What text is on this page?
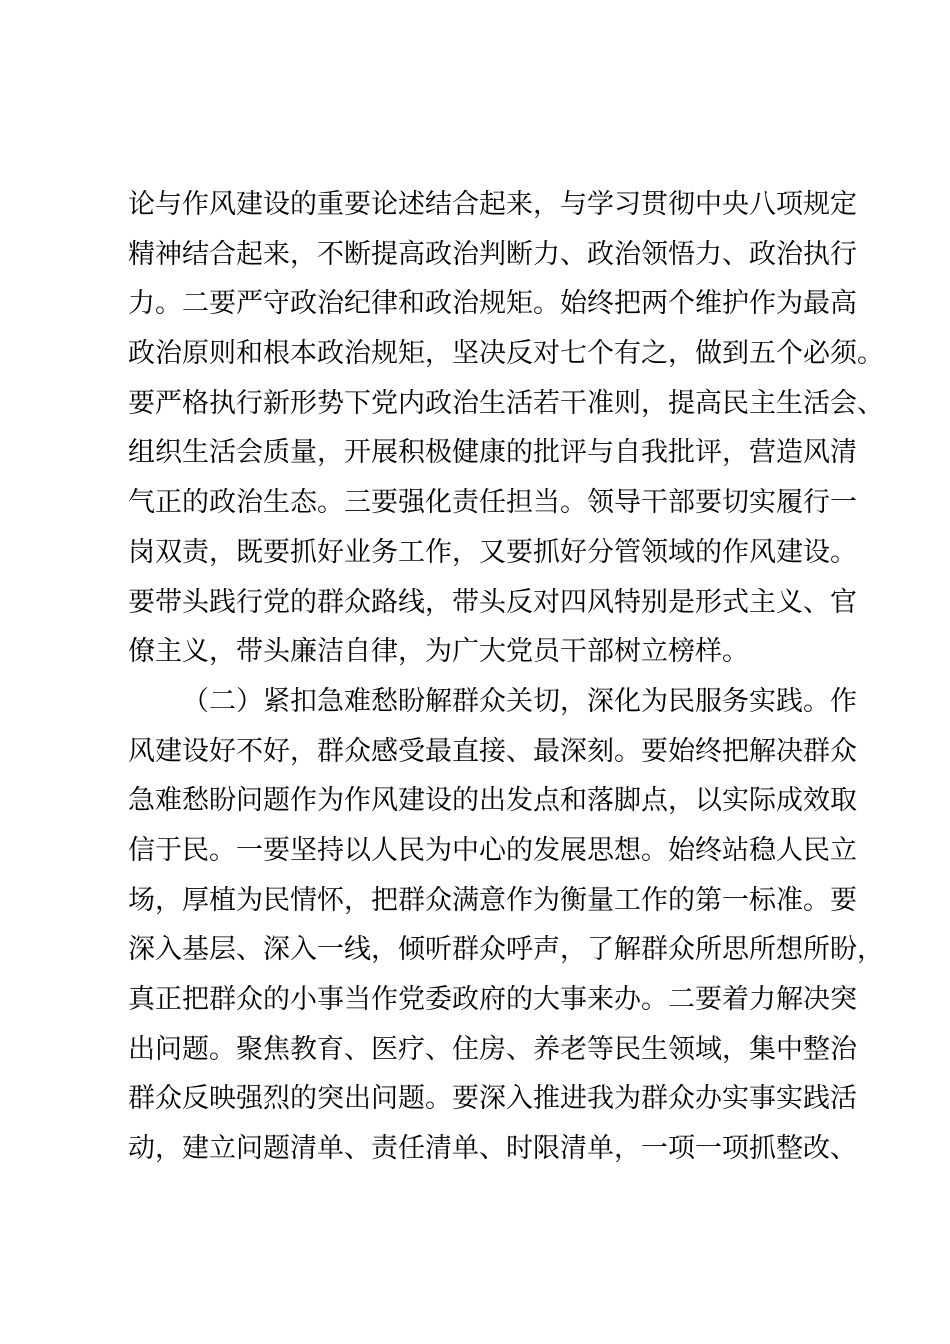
论与作风建设的重要论述结合起来，与学习贯彻中央八项规定
精神结合起来，不断提高政治判断力、政治领悟力、政治执行
力。二要严守政治纪律和政治规矩。始终把两个维护作为最高
政治原则和根本政治规矩，坚决反对七个有之，做到五个必须。
要严格执行新形势下党内政治生活若干准则，提高民主生活会、
组织生活会质量，开展积极健康的批评与自我批评，营造风清
气正的政治生态。三要强化责任担当。领导干部要切实履行一
岗双责，既要抓好业务工作，又要抓好分管领域的作风建设。
要带头践行党的群众路线，带头反对四风特别是形式主义、官
僚主义，带头廉洁自律，为广大党员干部树立榜样。
（二）紧扣急难愁盼解群众关切，深化为民服务实践。作
风建设好不好，群众感受最直接、最深刻。要始终把解决群众
急难愁盼问题作为作风建设的出发点和落脚点，以实际成效取
信于民。一要坚持以人民为中心的发展思想。始终站稳人民立
场，厚植为民情怀，把群众满意作为衡量工作的第一标准。要
深入基层、深入一线，倾听群众呼声，了解群众所思所想所盼，
真正把群众的小事当作党委政府的大事来办。二要着力解决突
出问题。聚焦教育、医疗、住房、养老等民生领域，集中整治
群众反映强烈的突出问题。要深入推进我为群众办实事实践活
动，建立问题清单、责任清单、时限清单，一项一项抓整改、
